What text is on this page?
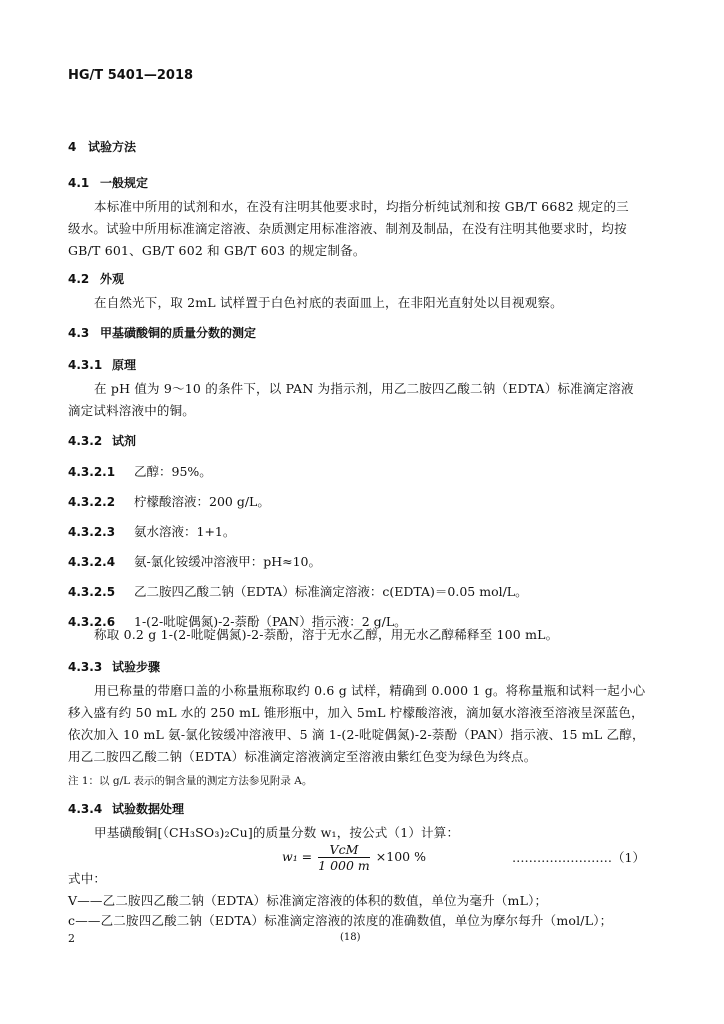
HG/T 5401—2018
4 试验方法
4.1 一般规定
本标准中所用的试剂和水，在没有注明其他要求时，均指分析纯试剂和按 GB/T 6682 规定的三
级水。试验中所用标准滴定溶液、杂质测定用标准溶液、制剂及制品，在没有注明其他要求时，均按
GB/T 601、GB/T 602 和 GB/T 603 的规定制备。
4.2 外观
在自然光下，取 2mL 试样置于白色衬底的表面皿上，在非阳光直射处以目视观察。
4.3 甲基磺酸铜的质量分数的测定
4.3.1 原理
在 pH 值为 9～10 的条件下，以 PAN 为指示剂，用乙二胺四乙酸二钠（EDTA）标准滴定溶液
滴定试料溶液中的铜。
4.3.2 试剂
4.3.2.1 乙醇：95%。
4.3.2.2 柠檬酸溶液：200 g/L。
4.3.2.3 氨水溶液：1+1。
4.3.2.4 氨-氯化铵缓冲溶液甲：pH≈10。
4.3.2.5 乙二胺四乙酸二钠（EDTA）标准滴定溶液：c(EDTA)＝0.05 mol/L。
4.3.2.6 1-(2-吡啶偶氮)-2-萘酚（PAN）指示液：2 g/L。
称取 0.2 g 1-(2-吡啶偶氮)-2-萘酚，溶于无水乙醇，用无水乙醇稀释至 100 mL。
4.3.3 试验步骤
用已称量的带磨口盖的小称量瓶称取约 0.6 g 试样，精确到 0.000 1 g。将称量瓶和试料一起小心
移入盛有约 50 mL 水的 250 mL 锥形瓶中，加入 5mL 柠檬酸溶液，滴加氨水溶液至溶液呈深蓝色，
依次加入 10 mL 氨-氯化铵缓冲溶液甲、5 滴 1-(2-吡啶偶氮)-2-萘酚（PAN）指示液、15 mL 乙醇，
用乙二胺四乙酸二钠（EDTA）标准滴定溶液滴定至溶液由紫红色变为绿色为终点。
注 1：以 g/L 表示的铜含量的测定方法参见附录 A。
4.3.4 试验数据处理
甲基磺酸铜[（CH₃SO₃)₂Cu]的质量分数 w₁，按公式（1）计算：
$w_1 = \frac{\text{VcM}}{1 000 m} \times 100$ %	……………………（1）
式中：
V——乙二胺四乙酸二钠（EDTA）标准滴定溶液的体积的数值，单位为毫升（mL）；
c——乙二胺四乙酸二钠（EDTA）标准滴定溶液的浓度的准确数值，单位为摩尔每升（mol/L）；
2	(18)
